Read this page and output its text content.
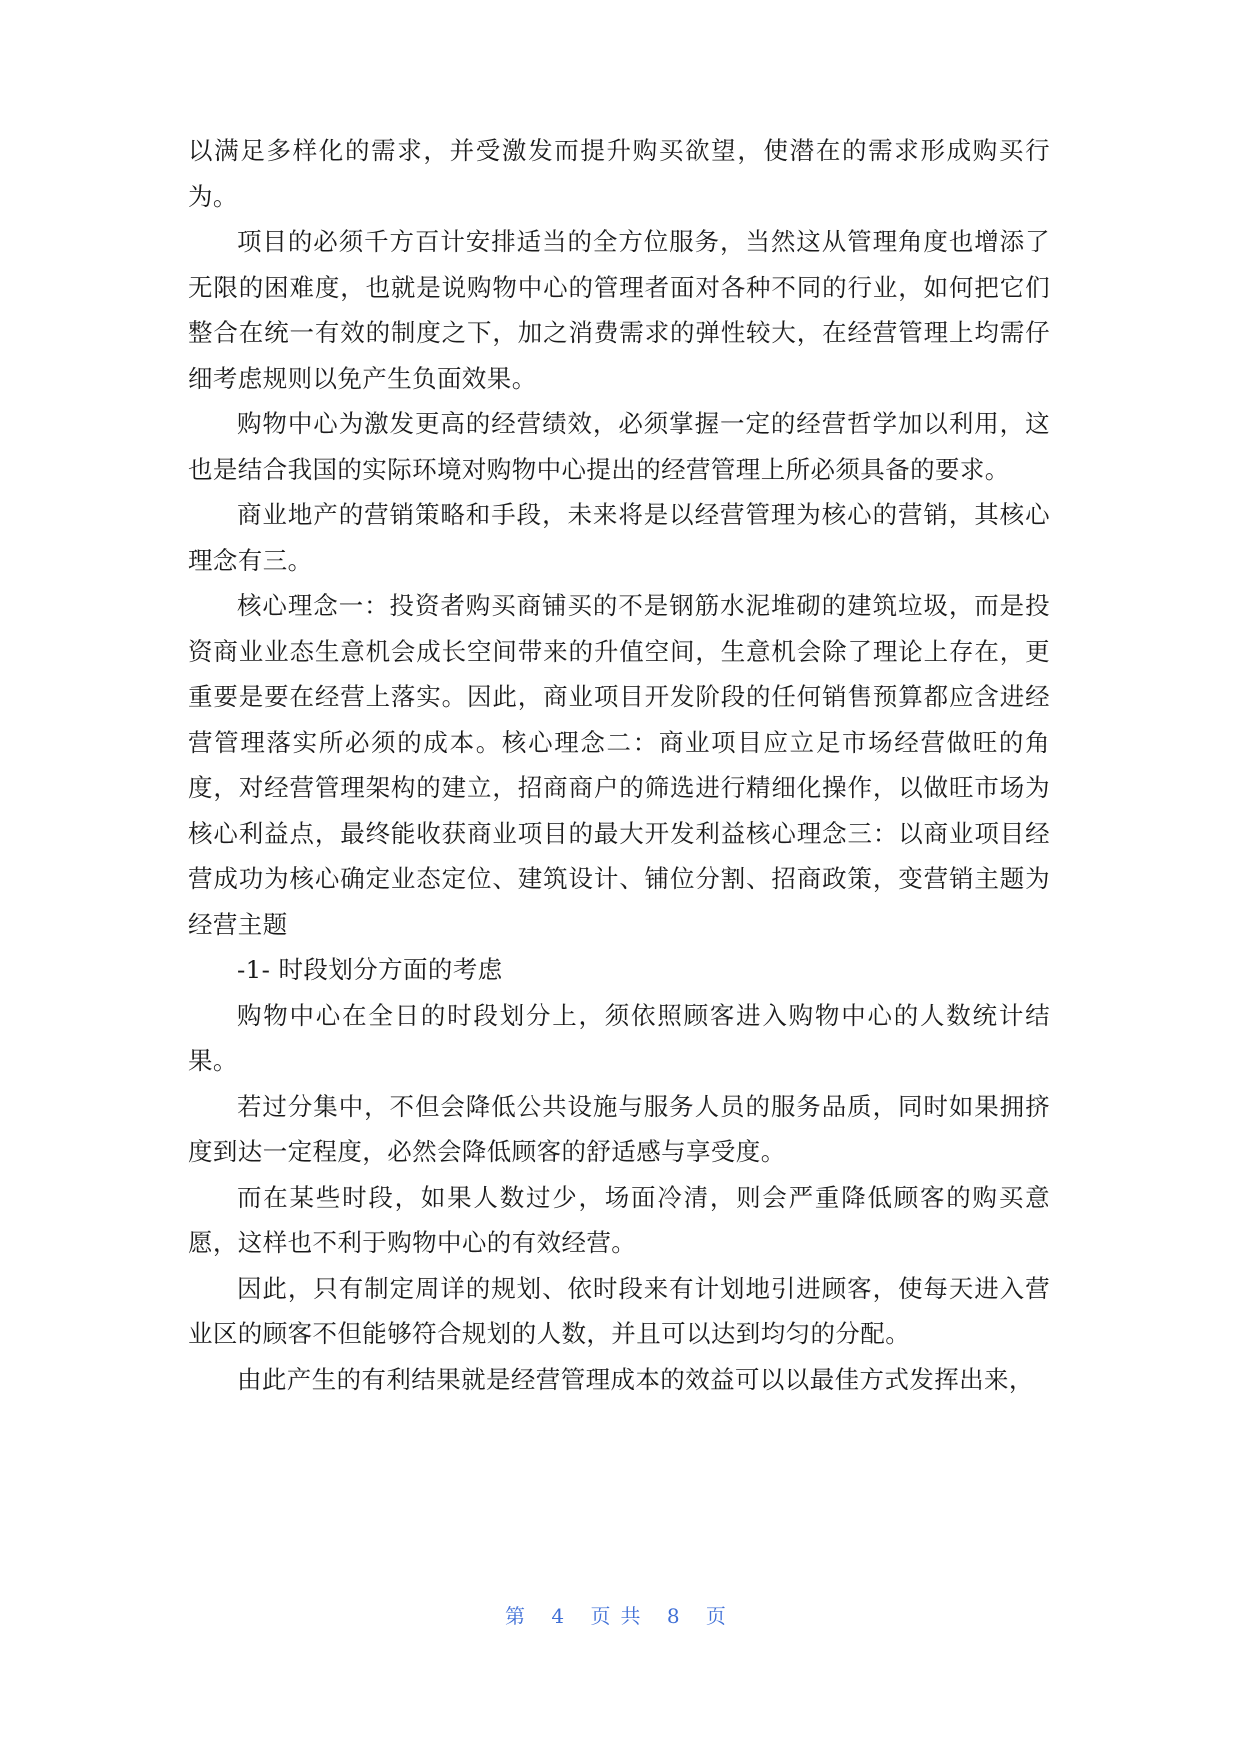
以满足多样化的需求，并受激发而提升购买欲望，使潜在的需求形成购买行为。

项目的必须千方百计安排适当的全方位服务，当然这从管理角度也增添了无限的困难度，也就是说购物中心的管理者面对各种不同的行业，如何把它们整合在统一有效的制度之下，加之消费需求的弹性较大，在经营管理上均需仔细考虑规则以免产生负面效果。

购物中心为激发更高的经营绩效，必须掌握一定的经营哲学加以利用，这也是结合我国的实际环境对购物中心提出的经营管理上所必须具备的要求。

商业地产的营销策略和手段，未来将是以经营管理为核心的营销，其核心理念有三。

核心理念一：投资者购买商铺买的不是钢筋水泥堆砌的建筑垃圾，而是投资商业业态生意机会成长空间带来的升值空间，生意机会除了理论上存在，更重要是要在经营上落实。因此，商业项目开发阶段的任何销售预算都应含进经营管理落实所必须的成本。核心理念二：商业项目应立足市场经营做旺的角度，对经营管理架构的建立，招商商户的筛选进行精细化操作，以做旺市场为核心利益点，最终能收获商业项目的最大开发利益核心理念三：以商业项目经营成功为核心确定业态定位、建筑设计、铺位分割、招商政策，变营销主题为经营主题

-1- 时段划分方面的考虑

购物中心在全日的时段划分上，须依照顾客进入购物中心的人数统计结果。

若过分集中，不但会降低公共设施与服务人员的服务品质，同时如果拥挤度到达一定程度，必然会降低顾客的舒适感与享受度。

而在某些时段，如果人数过少，场面冷清，则会严重降低顾客的购买意愿，这样也不利于购物中心的有效经营。

因此，只有制定周详的规划、依时段来有计划地引进顾客，使每天进入营业区的顾客不但能够符合规划的人数，并且可以达到均匀的分配。

由此产生的有利结果就是经营管理成本的效益可以以最佳方式发挥出来，

第 4 页共 8 页
